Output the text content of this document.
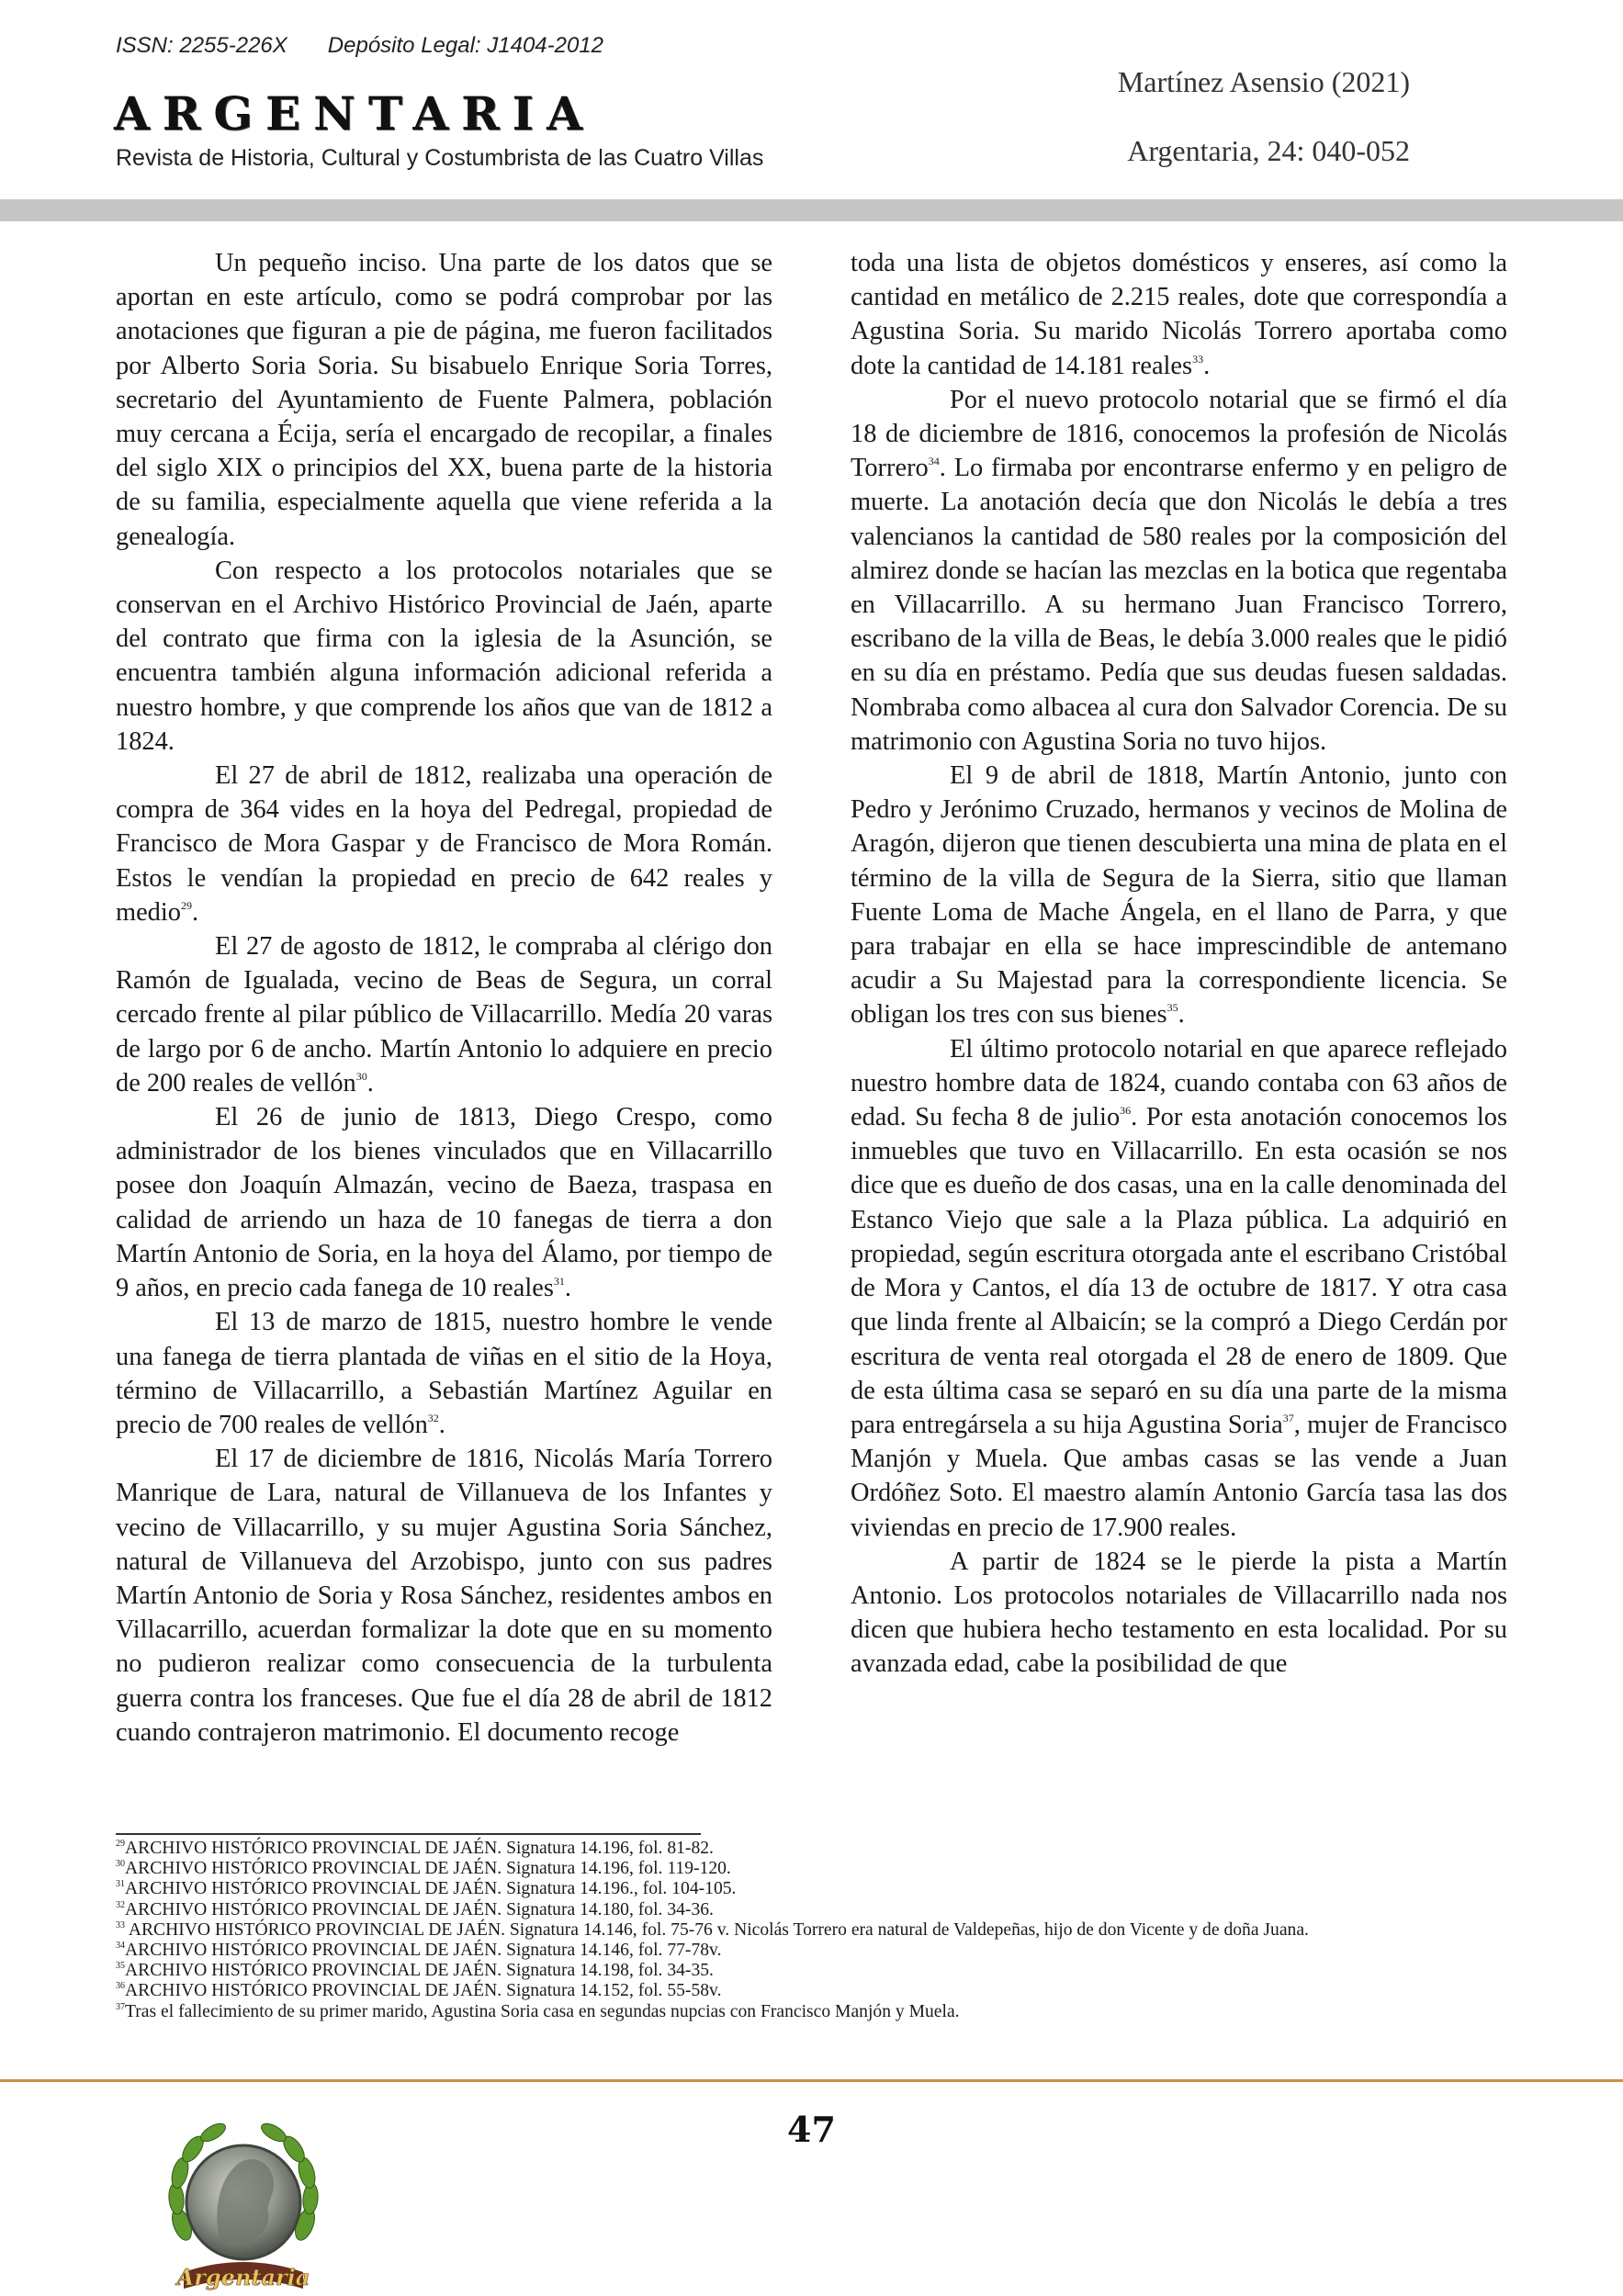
ISSN: 2255-226X Depósito Legal: J1404-2012
ARGENTARIA
Revista de Historia, Cultural y Costumbrista de las Cuatro Villas
Martínez Asensio (2021)
Argentaria, 24: 040-052

Un pequeño inciso. Una parte de los datos que se aportan en este artículo, como se podrá comprobar por las anotaciones que figuran a pie de página, me fueron facilitados por Alberto Soria Soria. Su bisabuelo Enrique Soria Torres, secretario del Ayuntamiento de Fuente Palmera, población muy cercana a Écija, sería el encargado de recopilar, a finales del siglo XIX o principios del XX, buena parte de la historia de su familia, especialmente aquella que viene referida a la genealogía.

Con respecto a los protocolos notariales que se conservan en el Archivo Histórico Provincial de Jaén, aparte del contrato que firma con la iglesia de la Asunción, se encuentra también alguna información adicional referida a nuestro hombre, y que comprende los años que van de 1812 a 1824.

El 27 de abril de 1812, realizaba una operación de compra de 364 vides en la hoya del Pedregal, propiedad de Francisco de Mora Gaspar y de Francisco de Mora Román. Estos le vendían la propiedad en precio de 642 reales y medio$^{29}$.

El 27 de agosto de 1812, le compraba al clérigo don Ramón de Igualada, vecino de Beas de Segura, un corral cercado frente al pilar público de Villacarrillo. Medía 20 varas de largo por 6 de ancho. Martín Antonio lo adquiere en precio de 200 reales de vellón$^{30}$.

El 26 de junio de 1813, Diego Crespo, como administrador de los bienes vinculados que en Villacarrillo posee don Joaquín Almazán, vecino de Baeza, traspasa en calidad de arriendo un haza de 10 fanegas de tierra a don Martín Antonio de Soria, en la hoya del Álamo, por tiempo de 9 años, en precio cada fanega de 10 reales$^{31}$.

El 13 de marzo de 1815, nuestro hombre le vende una fanega de tierra plantada de viñas en el sitio de la Hoya, término de Villacarrillo, a Sebastián Martínez Aguilar en precio de 700 reales de vellón$^{32}$.

El 17 de diciembre de 1816, Nicolás María Torrero Manrique de Lara, natural de Villanueva de los Infantes y vecino de Villacarrillo, y su mujer Agustina Soria Sánchez, natural de Villanueva del Arzobispo, junto con sus padres Martín Antonio de Soria y Rosa Sánchez, residentes ambos en Villacarrillo, acuerdan formalizar la dote que en su momento no pudieron realizar como consecuencia de la turbulenta guerra contra los franceses. Que fue el día 28 de abril de 1812 cuando contrajeron matrimonio. El documento recoge

toda una lista de objetos domésticos y enseres, así como la cantidad en metálico de 2.215 reales, dote que correspondía a Agustina Soria. Su marido Nicolás Torrero aportaba como dote la cantidad de 14.181 reales$^{33}$.

Por el nuevo protocolo notarial que se firmó el día 18 de diciembre de 1816, conocemos la profesión de Nicolás Torrero$^{34}$. Lo firmaba por encontrarse enfermo y en peligro de muerte. La anotación decía que don Nicolás le debía a tres valencianos la cantidad de 580 reales por la composición del almirez donde se hacían las mezclas en la botica que regentaba en Villacarrillo. A su hermano Juan Francisco Torrero, escribano de la villa de Beas, le debía 3.000 reales que le pidió en su día en préstamo. Pedía que sus deudas fuesen saldadas. Nombraba como albacea al cura don Salvador Corencia. De su matrimonio con Agustina Soria no tuvo hijos.

El 9 de abril de 1818, Martín Antonio, junto con Pedro y Jerónimo Cruzado, hermanos y vecinos de Molina de Aragón, dijeron que tienen descubierta una mina de plata en el término de la villa de Segura de la Sierra, sitio que llaman Fuente Loma de Mache Ángela, en el llano de Parra, y que para trabajar en ella se hace imprescindible de antemano acudir a Su Majestad para la correspondiente licencia. Se obligan los tres con sus bienes$^{35}$.

El último protocolo notarial en que aparece reflejado nuestro hombre data de 1824, cuando contaba con 63 años de edad. Su fecha 8 de julio$^{36}$. Por esta anotación conocemos los inmuebles que tuvo en Villacarrillo. En esta ocasión se nos dice que es dueño de dos casas, una en la calle denominada del Estanco Viejo que sale a la Plaza pública. La adquirió en propiedad, según escritura otorgada ante el escribano Cristóbal de Mora y Cantos, el día 13 de octubre de 1817. Y otra casa que linda frente al Albaicín; se la compró a Diego Cerdán por escritura de venta real otorgada el 28 de enero de 1809. Que de esta última casa se separó en su día una parte de la misma para entregársela a su hija Agustina Soria$^{37}$, mujer de Francisco Manjón y Muela. Que ambas casas se las vende a Juan Ordóñez Soto. El maestro alamín Antonio García tasa las dos viviendas en precio de 17.900 reales.

A partir de 1824 se le pierde la pista a Martín Antonio. Los protocolos notariales de Villacarrillo nada nos dicen que hubiera hecho testamento en esta localidad. Por su avanzada edad, cabe la posibilidad de que

$^{29}$ARCHIVO HISTÓRICO PROVINCIAL DE JAÉN. Signatura 14.196, fol. 81-82.

$^{30}$ARCHIVO HISTÓRICO PROVINCIAL DE JAÉN. Signatura 14.196, fol. 119-120.

$^{31}$ARCHIVO HISTÓRICO PROVINCIAL DE JAÉN. Signatura 14.196., fol. 104-105.

$^{32}$ARCHIVO HISTÓRICO PROVINCIAL DE JAÉN. Signatura 14.180, fol. 34-36.

$^{33}$ ARCHIVO HISTÓRICO PROVINCIAL DE JAÉN. Signatura 14.146, fol. 75-76 v. Nicolás Torrero era natural de Valdepeñas, hijo de don Vicente y de doña Juana.

$^{34}$ARCHIVO HISTÓRICO PROVINCIAL DE JAÉN. Signatura 14.146, fol. 77-78v.

$^{35}$ARCHIVO HISTÓRICO PROVINCIAL DE JAÉN. Signatura 14.198, fol. 34-35.

$^{36}$ARCHIVO HISTÓRICO PROVINCIAL DE JAÉN. Signatura 14.152, fol. 55-58v.

$^{37}$Tras el fallecimiento de su primer marido, Agustina Soria casa en segundas nupcias con Francisco Manjón y Muela.

47
Argentaria
